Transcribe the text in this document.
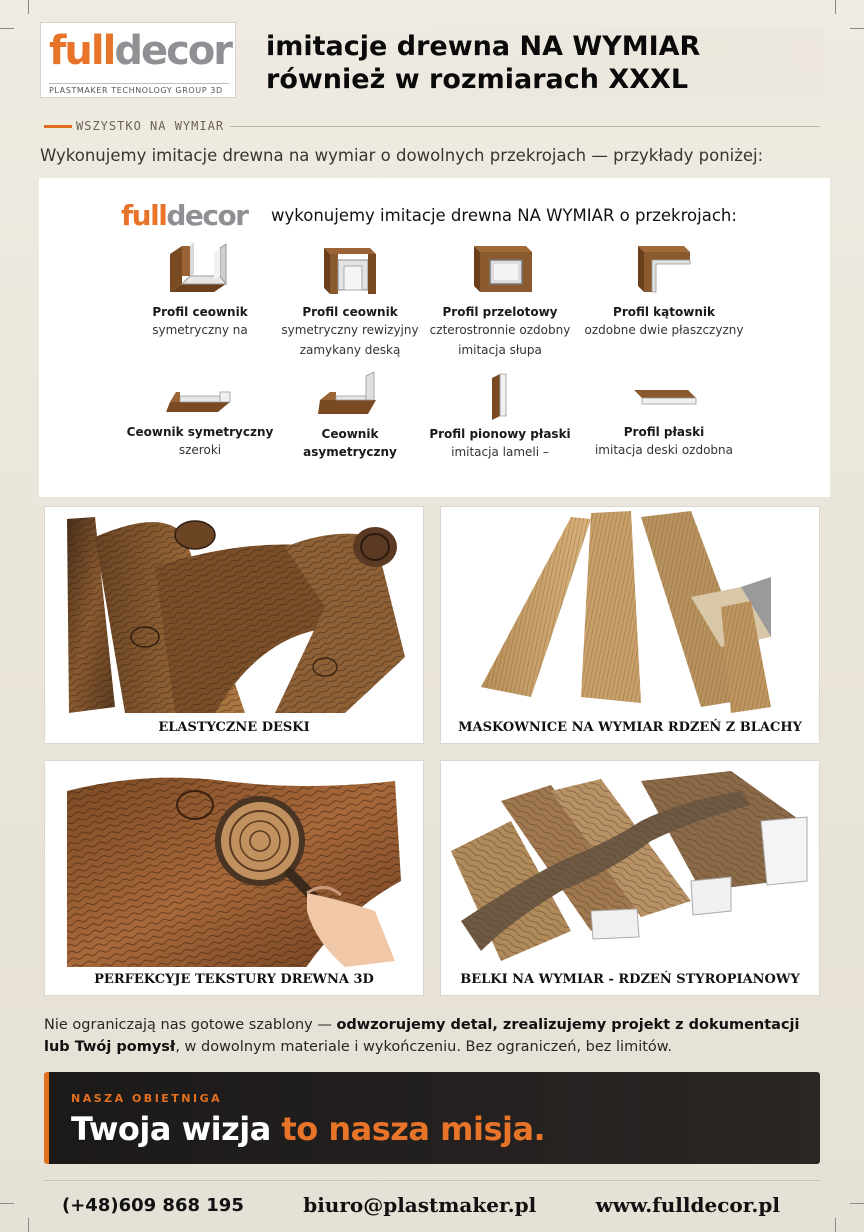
fulldecor
PLASTMAKER TECHNOLOGY GROUP 3D
imitacje drewna NA WYMIAR
również w rozmiarach XXXL
WSZYSTKO NA WYMIAR
Wykonujemy imitacje drewna na wymiar o dowolnych przekrojach — przykłady poniżej:
fulldecor wykonujemy imitacje drewna NA WYMIAR o przekrojach:
Profil ceownik
symetryczny na
Profil ceownik
symetryczny rewizyjny
zamykany deską
Profil przelotowy
czterostronnie ozdobny
imitacja słupa
Profil kątownik
ozdobne dwie płaszczyzny
Ceownik symetryczny
szeroki
Ceownik
asymetryczny
Profil pionowy płaski
imitacja lameli –
Profil płaski
imitacja deski ozdobna
ELASTYCZNE DESKI	MASKOWNICE NA WYMIAR RDZEŃ Z BLACHY
PERFEKCYJE TEKSTURY DREWNA 3D	BELKI NA WYMIAR - RDZEŃ STYROPIANOWY
Nie ograniczają nas gotowe szablony — odwzorujemy detal, zrealizujemy projekt z dokumentacji lub Twój pomysł, w dowolnym materiale i wykończeniu. Bez ograniczeń, bez limitów.
NASZA OBIETNIGA
Twoja wizja to nasza misja.
(+48)609 868 195	biuro@plastmaker.pl	www.fulldecor.pl
